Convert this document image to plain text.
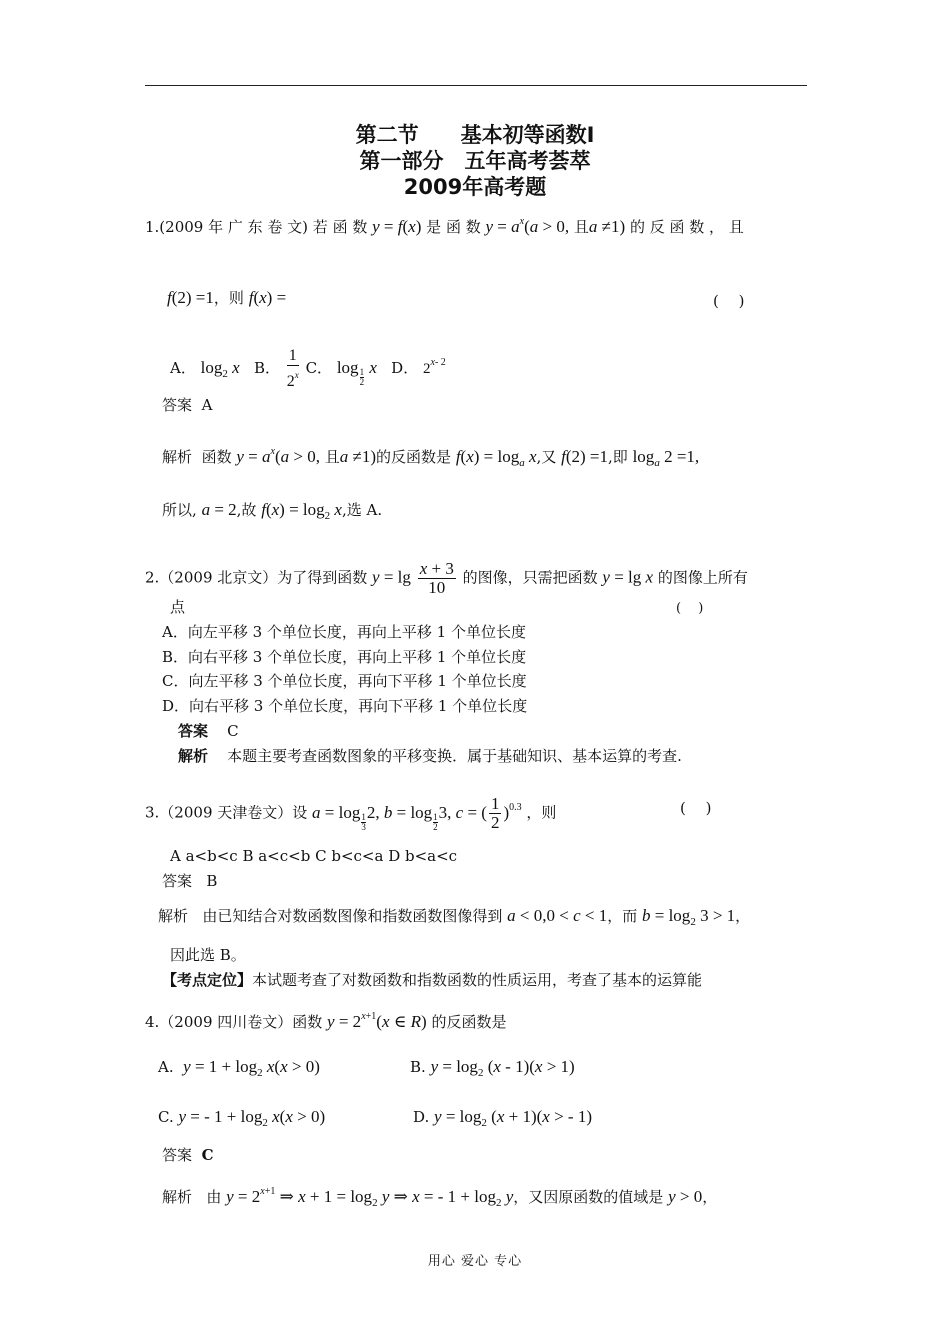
第二节　　基本初等函数Ⅰ
第一部分　五年高考荟萃
2009年高考题
1.(2009 年 广 东 卷 文) 若 函 数 y = f(x) 是 函 数 $y = a^x(a > 0$, 且a ≠1) 的 反 函 数 ， 且
f(2) =1，则 f(x) =	(　 )
A． $\log_2 x$ B． $\frac{1}{2^x}$ C． log
$\frac{1}{2}$ x D． 2$^{x- 2}$
答案 A
解析 函数 $y = a^x(a > 0$, 且a ≠1)的反函数是 $f(x) = \log_a x$,又 f(2) =1,即 $\log_a 2 =1$,
所以, a = 2,故 $f(x) = \log_2 x$,选 A.
2.（2009 北京文）为了得到函数 $y = \lg \frac{x + 3}{10}$ 的图像，只需把函数 y = lg x 的图像上所有
点	(　 )
A．向左平移 3 个单位长度，再向上平移 1 个单位长度
B．向右平移 3 个单位长度，再向上平移 1 个单位长度
C．向左平移 3 个单位长度，再向下平移 1 个单位长度
D．向右平移 3 个单位长度，再向下平移 1 个单位长度
答案 C
解析 本题主要考查函数图象的平移变换．属于基础知识、基本运算的考查.
3.（2009 天津卷文）设 a = log
$\frac{1}{3}2$, b = log
$\frac{1}{2}3$, c = ( $\frac{1}{2} )^{0.3}$ ，则	(　 )
A a<b<c B a<c<b C b<c<a D b<a<c
答案 B
解析 由已知结合对数函数图像和指数函数图像得到 a < 0,0 < c < 1，而 $b = \log_2 3 > 1$，
因此选 B。
【考点定位】本试题考查了对数函数和指数函数的性质运用，考查了基本的运算能
4.（2009 四川卷文）函数 $y = 2^{x+1}(x$ ∈ R) 的反函数是
A. $y = 1 + \log_2 x(x > 0)$	B. $y = \log_2 (x - 1)(x > 1)$
C. y = - $1 + \log_2 x(x > 0)$	D. $y = \log_2 (x + 1)(x$ > - 1)
答案 C
解析 由 $y = 2^{x+1}$ ⇒ $x + 1 = \log_2 y$ ⇒ x = - $1 + \log_2 y$，又因原函数的值域是 y > 0，
用心 爱心 专心
